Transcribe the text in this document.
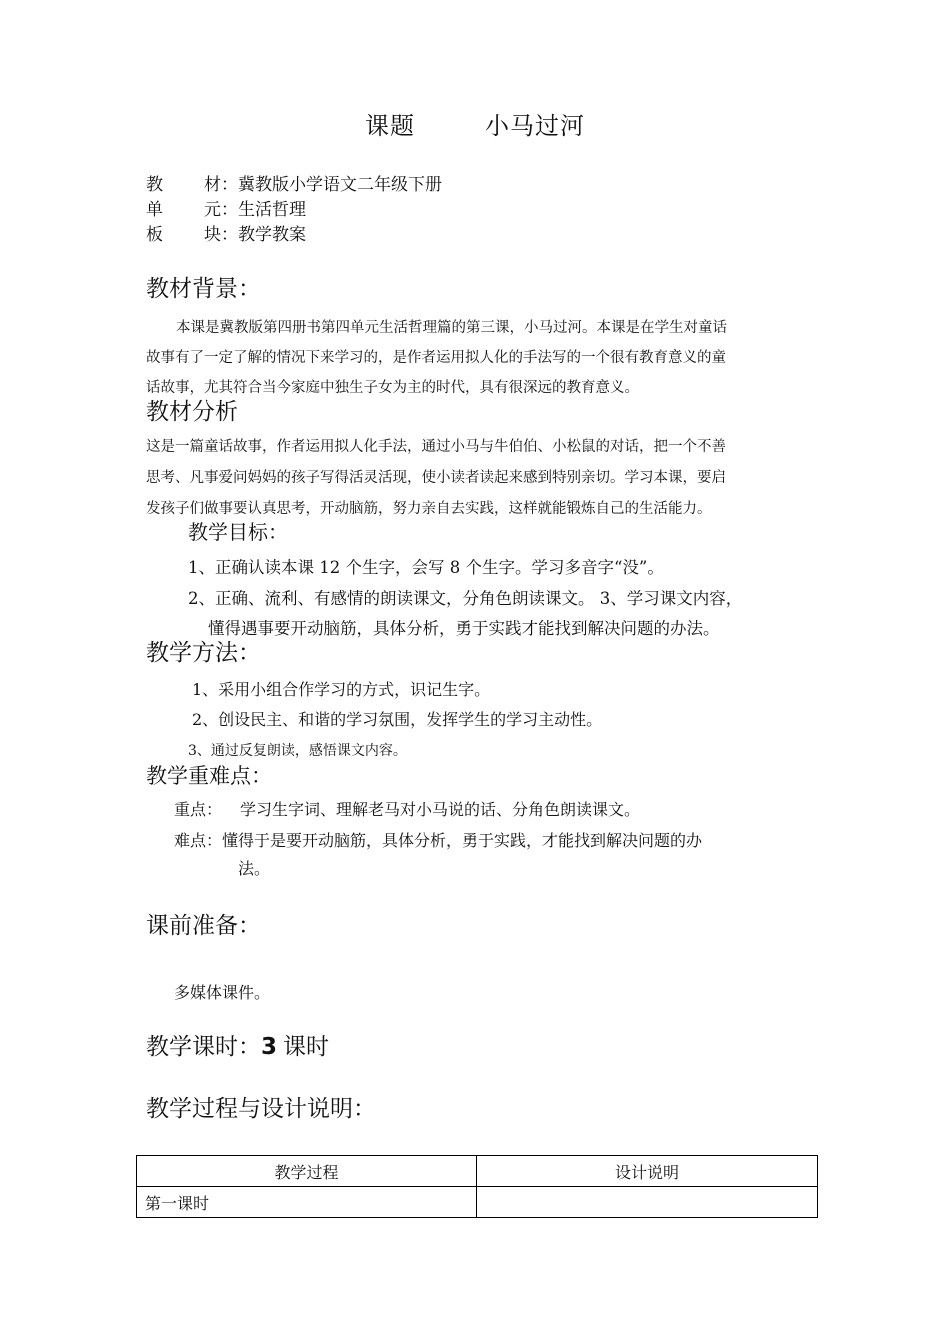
课题	小马过河
教 材：冀教版小学语文二年级下册
单 元：生活哲理
板 块：教学教案
教材背景：
本课是冀教版第四册书第四单元生活哲理篇的第三课，小马过河。本课是在学生对童话
故事有了一定了解的情况下来学习的，是作者运用拟人化的手法写的一个很有教育意义的童
话故事，尤其符合当今家庭中独生子女为主的时代，具有很深远的教育意义。
教材分析
这是一篇童话故事，作者运用拟人化手法，通过小马与牛伯伯、小松鼠的对话，把一个不善
思考、凡事爱问妈妈的孩子写得活灵活现，使小读者读起来感到特别亲切。学习本课，要启
发孩子们做事要认真思考，开动脑筋，努力亲自去实践，这样就能锻炼自己的生活能力。
教学目标：
1、正确认读本课 12 个生字，会写 8 个生字。学习多音字“没”。
2、正确、流利、有感情的朗读课文，分角色朗读课文。 3、学习课文内容，
懂得遇事要开动脑筋，具体分析，勇于实践才能找到解决问题的办法。
教学方法：
1、采用小组合作学习的方式，识记生字。
2、创设民主、和谐的学习氛围，发挥学生的学习主动性。
3、通过反复朗读，感悟课文内容。
教学重难点：
重点： 学习生字词、理解老马对小马说的话、分角色朗读课文。
难点：懂得于是要开动脑筋，具体分析，勇于实践，才能找到解决问题的办
法。
课前准备：
多媒体课件。
教学课时：3 课时
教学过程与设计说明：
教学过程	设计说明
第一课时	
